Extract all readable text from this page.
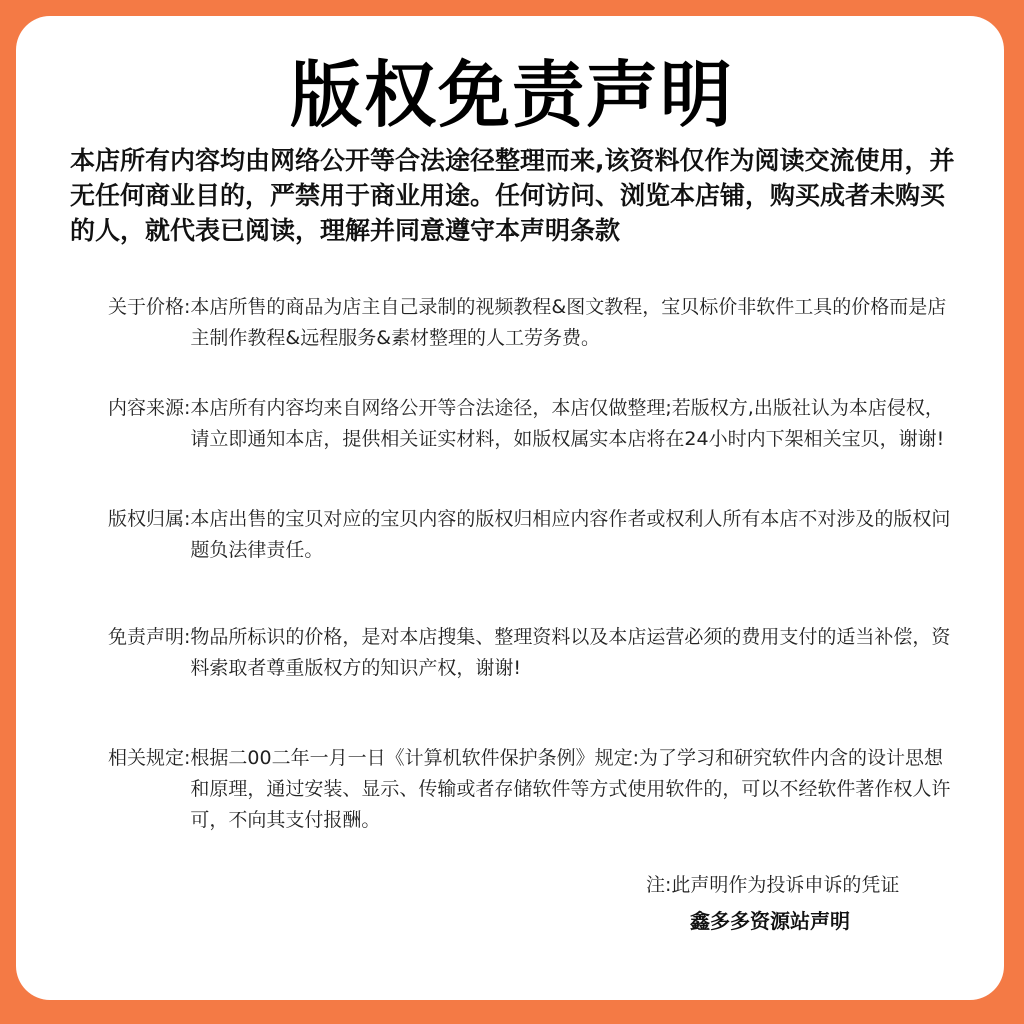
版权免责声明
本店所有内容均由网络公开等合法途径整理而来,该资料仅作为阅读交流使用，并无任何商业目的，严禁用于商业用途。任何访问、浏览本店铺，购买成者未购买的人，就代表已阅读，理解并同意遵守本声明条款
关于价格: 本店所售的商品为店主自己录制的视频教程&图文教程，宝贝标价非软件工具的价格而是店主制作教程&远程服务&素材整理的人工劳务费。
内容来源: 本店所有内容均来自网络公开等合法途径，本店仅做整理;若版权方,出版社认为本店侵权，请立即通知本店，提供相关证实材料，如版权属实本店将在24小时内下架相关宝贝，谢谢!
版权归属: 本店出售的宝贝对应的宝贝内容的版权归相应内容作者或权利人所有本店不对涉及的版权问题负法律责任。
免责声明: 物品所标识的价格，是对本店搜集、整理资料以及本店运营必须的费用支付的适当补偿，资料索取者尊重版权方的知识产权，谢谢!
相关规定: 根据二00二年一月一日《计算机软件保护条例》规定:为了学习和研究软件内含的设计思想和原理，通过安装、显示、传输或者存储软件等方式使用软件的，可以不经软件著作权人许可，不向其支付报酬。
注:此声明作为投诉申诉的凭证
鑫多多资源站声明
